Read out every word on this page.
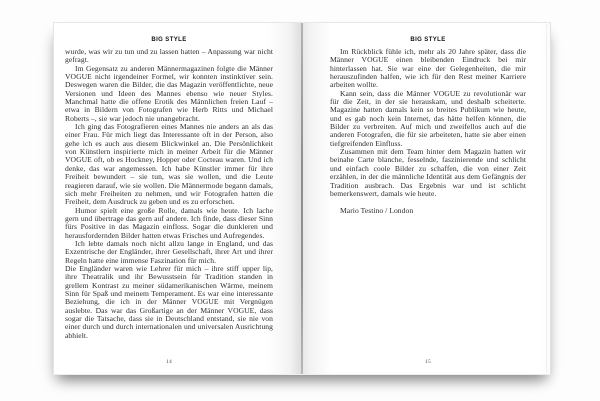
BIG STYLE

wurde, was wir zu tun und zu lassen hatten – Anpassung war nicht gefragt.

Im Gegensatz zu anderen Männermagazinen folgte die Männer VOGUE nicht irgendeiner Formel, wir konnten instinktiver sein. Deswegen waren die Bilder, die das Magazin veröffentlichte, neue Versionen und Ideen des Mannes ebenso wie neuer Styles. Manchmal hatte die offene Erotik des Männlichen freien Lauf – etwa in Bildern von Fotografen wie Herb Ritts und Michael Roberts –, sie war jedoch nie unangebracht.

Ich ging das Fotografieren eines Mannes nie anders an als das einer Frau. Für mich liegt das Interessante oft in der Person, also gehe ich es auch aus diesem Blickwinkel an. Die Persönlichkeit von Künstlern inspirierte mich in meiner Arbeit für die Männer VOGUE oft, ob es Hockney, Hopper oder Cocteau waren. Und ich denke, das war angemessen. Ich habe Künstler immer für ihre Freiheit bewundert – sie tun, was sie wollen, und die Leute reagieren darauf, wie sie wollen. Die Männermode begann damals, sich mehr Freiheiten zu nehmen, und wir Fotografen hatten die Freiheit, dem Ausdruck zu geben und es zu erforschen.

Humor spielt eine große Rolle, damals wie heute. Ich lache gern und übertrage das gern auf andere. Ich finde, dass dieser Sinn fürs Positive in das Magazin einfloss. Sogar die dunkleren und herausfordernden Bilder hatten etwas Frisches und Aufregendes.

Ich lebte damals noch nicht allzu lange in England, und das Exzentrische der Engländer, ihrer Gesellschaft, ihrer Art und ihrer Regeln hatte eine immense Faszination für mich.

Die Engländer waren wie Lehrer für mich – ihre stiff upper lip, ihre Theatralik und ihr Bewusstsein für Tradition standen in grellem Kontrast zu meiner südamerikanischen Wärme, meinem Sinn für Spaß und meinem Temperament. Es war eine interessante Beziehung, die ich in der Männer VOGUE mit Vergnügen auslebte. Das war das Großartige an der Männer VOGUE, dass sogar die Tatsache, dass sie in Deutschland entstand, sie nie von einer durch und durch internationalen und universalen Ausrichtung abhielt.

14
BIG STYLE

Im Rückblick fühle ich, mehr als 20 Jahre später, dass die Männer VOGUE einen bleibenden Eindruck bei mir hinterlassen hat. Sie war eine der Gelegenheiten, die mir herauszufinden halfen, wie ich für den Rest meiner Karriere arbeiten wollte.

Kann sein, dass die Männer VOGUE zu revolutionär war für die Zeit, in der sie herauskam, und deshalb scheiterte. Magazine hatten damals kein so breites Publikum wie heute, und es gab noch kein Internet, das hätte helfen können, die Bilder zu verbreiten. Auf mich und zweifellos auch auf die anderen Fotografen, die für sie arbeiteten, hatte sie aber einen tiefgreifenden Einfluss.

Zusammen mit dem Team hinter dem Magazin hatten wir beinahe Carte blanche, fesselnde, faszinierende und schlicht und einfach coole Bilder zu schaffen, die von einer Zeit erzählen, in der die männliche Identität aus dem Gefängnis der Tradition ausbrach. Das Ergebnis war und ist schlicht bemerkenswert, damals wie heute.

Mario Testino / London

15
